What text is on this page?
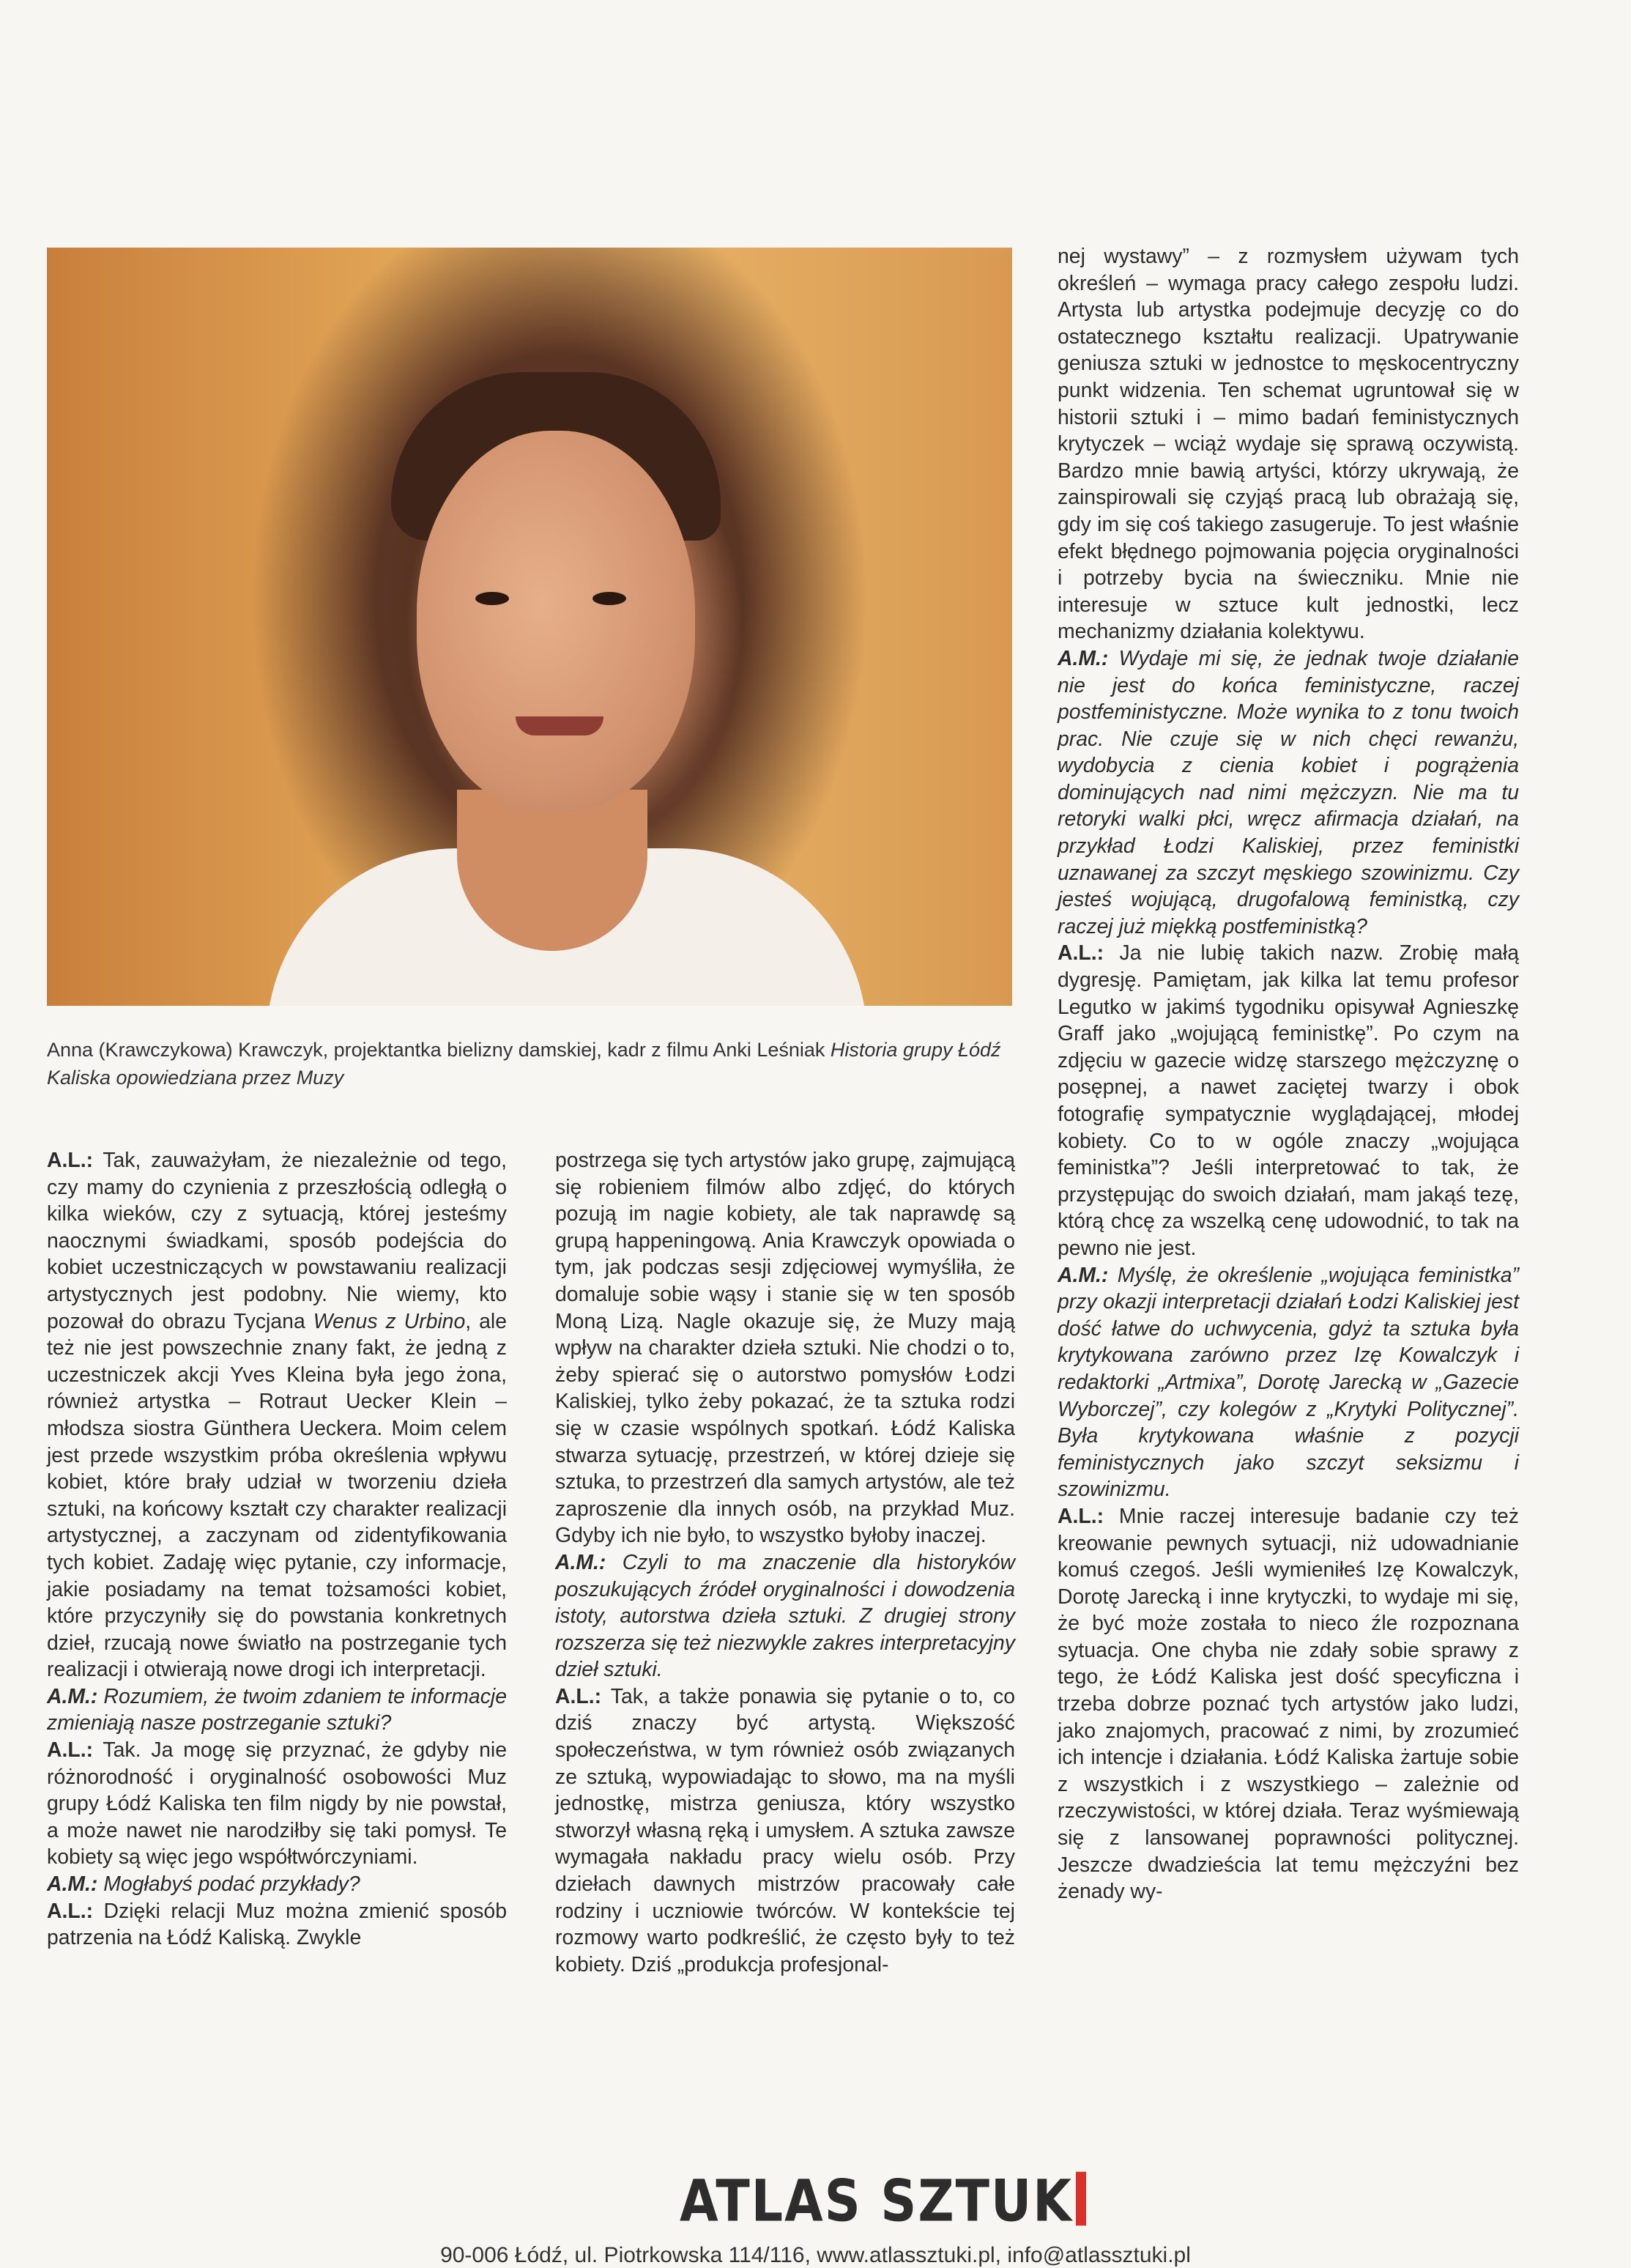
Anna (Krawczykowa) Krawczyk, projektantka bielizny damskiej, kadr z filmu Anki Leśniak Historia grupy Łódź Kaliska opowiedziana przez Muzy

A.L.: Tak, zauważyłam, że niezależnie od tego, czy mamy do czynienia z przeszłością odległą o kilka wieków, czy z sytuacją, której jesteśmy naocznymi świadkami, sposób podejścia do kobiet uczestniczących w powstawaniu realizacji artystycznych jest podobny. Nie wiemy, kto pozował do obrazu Tycjana Wenus z Urbino, ale też nie jest powszechnie znany fakt, że jedną z uczestniczek akcji Yves Kleina była jego żona, również artystka – Rotraut Uecker Klein – młodsza siostra Günthera Ueckera. Moim celem jest przede wszystkim próba określenia wpływu kobiet, które brały udział w tworzeniu dzieła sztuki, na końcowy kształt czy charakter realizacji artystycznej, a zaczynam od zidentyfikowania tych kobiet. Zadaję więc pytanie, czy informacje, jakie posiadamy na temat tożsamości kobiet, które przyczyniły się do powstania konkretnych dzieł, rzucają nowe światło na postrzeganie tych realizacji i otwierają nowe drogi ich interpretacji.

A.M.: Rozumiem, że twoim zdaniem te informacje zmieniają nasze postrzeganie sztuki?

A.L.: Tak. Ja mogę się przyznać, że gdyby nie różnorodność i oryginalność osobowości Muz grupy Łódź Kaliska ten film nigdy by nie powstał, a może nawet nie narodziłby się taki pomysł. Te kobiety są więc jego współtwórczyniami.

A.M.: Mogłabyś podać przykłady?

A.L.: Dzięki relacji Muz można zmienić sposób patrzenia na Łódź Kaliską. Zwykle

postrzega się tych artystów jako grupę, zajmującą się robieniem filmów albo zdjęć, do których pozują im nagie kobiety, ale tak naprawdę są grupą happeningową. Ania Krawczyk opowiada o tym, jak podczas sesji zdjęciowej wymyśliła, że domaluje sobie wąsy i stanie się w ten sposób Moną Lizą. Nagle okazuje się, że Muzy mają wpływ na charakter dzieła sztuki. Nie chodzi o to, żeby spierać się o autorstwo pomysłów Łodzi Kaliskiej, tylko żeby pokazać, że ta sztuka rodzi się w czasie wspólnych spotkań. Łódź Kaliska stwarza sytuację, przestrzeń, w której dzieje się sztuka, to przestrzeń dla samych artystów, ale też zaproszenie dla innych osób, na przykład Muz. Gdyby ich nie było, to wszystko byłoby inaczej.

A.M.: Czyli to ma znaczenie dla historyków poszukujących źródeł oryginalności i dowodzenia istoty, autorstwa dzieła sztuki. Z drugiej strony rozszerza się też niezwykle zakres interpretacyjny dzieł sztuki.

A.L.: Tak, a także ponawia się pytanie o to, co dziś znaczy być artystą. Większość społeczeństwa, w tym również osób związanych ze sztuką, wypowiadając to słowo, ma na myśli jednostkę, mistrza geniusza, który wszystko stworzył własną ręką i umysłem. A sztuka zawsze wymagała nakładu pracy wielu osób. Przy dziełach dawnych mistrzów pracowały całe rodziny i uczniowie twórców. W kontekście tej rozmowy warto podkreślić, że często były to też kobiety. Dziś „produkcja profesjonal-

nej wystawy” – z rozmysłem używam tych określeń – wymaga pracy całego zespołu ludzi. Artysta lub artystka podejmuje decyzję co do ostatecznego kształtu realizacji. Upatrywanie geniusza sztuki w jednostce to męskocentryczny punkt widzenia. Ten schemat ugruntował się w historii sztuki i – mimo badań feministycznych krytyczek – wciąż wydaje się sprawą oczywistą. Bardzo mnie bawią artyści, którzy ukrywają, że zainspirowali się czyjąś pracą lub obrażają się, gdy im się coś takiego zasugeruje. To jest właśnie efekt błędnego pojmowania pojęcia oryginalności i potrzeby bycia na świeczniku. Mnie nie interesuje w sztuce kult jednostki, lecz mechanizmy działania kolektywu.

A.M.: Wydaje mi się, że jednak twoje działanie nie jest do końca feministyczne, raczej postfeministyczne. Może wynika to z tonu twoich prac. Nie czuje się w nich chęci rewanżu, wydobycia z cienia kobiet i pogrążenia dominujących nad nimi mężczyzn. Nie ma tu retoryki walki płci, wręcz afirmacja działań, na przykład Łodzi Kaliskiej, przez feministki uznawanej za szczyt męskiego szowinizmu. Czy jesteś wojującą, drugofalową feministką, czy raczej już miękką postfeministką?

A.L.: Ja nie lubię takich nazw. Zrobię małą dygresję. Pamiętam, jak kilka lat temu profesor Legutko w jakimś tygodniku opisywał Agnieszkę Graff jako „wojującą feministkę”. Po czym na zdjęciu w gazecie widzę starszego mężczyznę o posępnej, a nawet zaciętej twarzy i obok fotografię sympatycznie wyglądającej, młodej kobiety. Co to w ogóle znaczy „wojująca feministka”? Jeśli interpretować to tak, że przystępując do swoich działań, mam jakąś tezę, którą chcę za wszelką cenę udowodnić, to tak na pewno nie jest.

A.M.: Myślę, że określenie „wojująca feministka” przy okazji interpretacji działań Łodzi Kaliskiej jest dość łatwe do uchwycenia, gdyż ta sztuka była krytykowana zarówno przez Izę Kowalczyk i redaktorki „Artmixa”, Dorotę Jarecką w „Gazecie Wyborczej”, czy kolegów z „Krytyki Politycznej”. Była krytykowana właśnie z pozycji feministycznych jako szczyt seksizmu i szowinizmu.

A.L.: Mnie raczej interesuje badanie czy też kreowanie pewnych sytuacji, niż udowadnianie komuś czegoś. Jeśli wymieniłeś Izę Kowalczyk, Dorotę Jarecką i inne krytyczki, to wydaje mi się, że być może została to nieco źle rozpoznana sytuacja. One chyba nie zdały sobie sprawy z tego, że Łódź Kaliska jest dość specyficzna i trzeba dobrze poznać tych artystów jako ludzi, jako znajomych, pracować z nimi, by zrozumieć ich intencje i działania. Łódź Kaliska żartuje sobie z wszystkich i z wszystkiego – zależnie od rzeczywistości, w której działa. Teraz wyśmiewają się z lansowanej poprawności politycznej. Jeszcze dwadzieścia lat temu mężczyźni bez żenady wy-

ATLAS SZTUK
90-006 Łódź, ul. Piotrkowska 114/116, www.atlassztuki.pl, info@atlassztuki.pl
